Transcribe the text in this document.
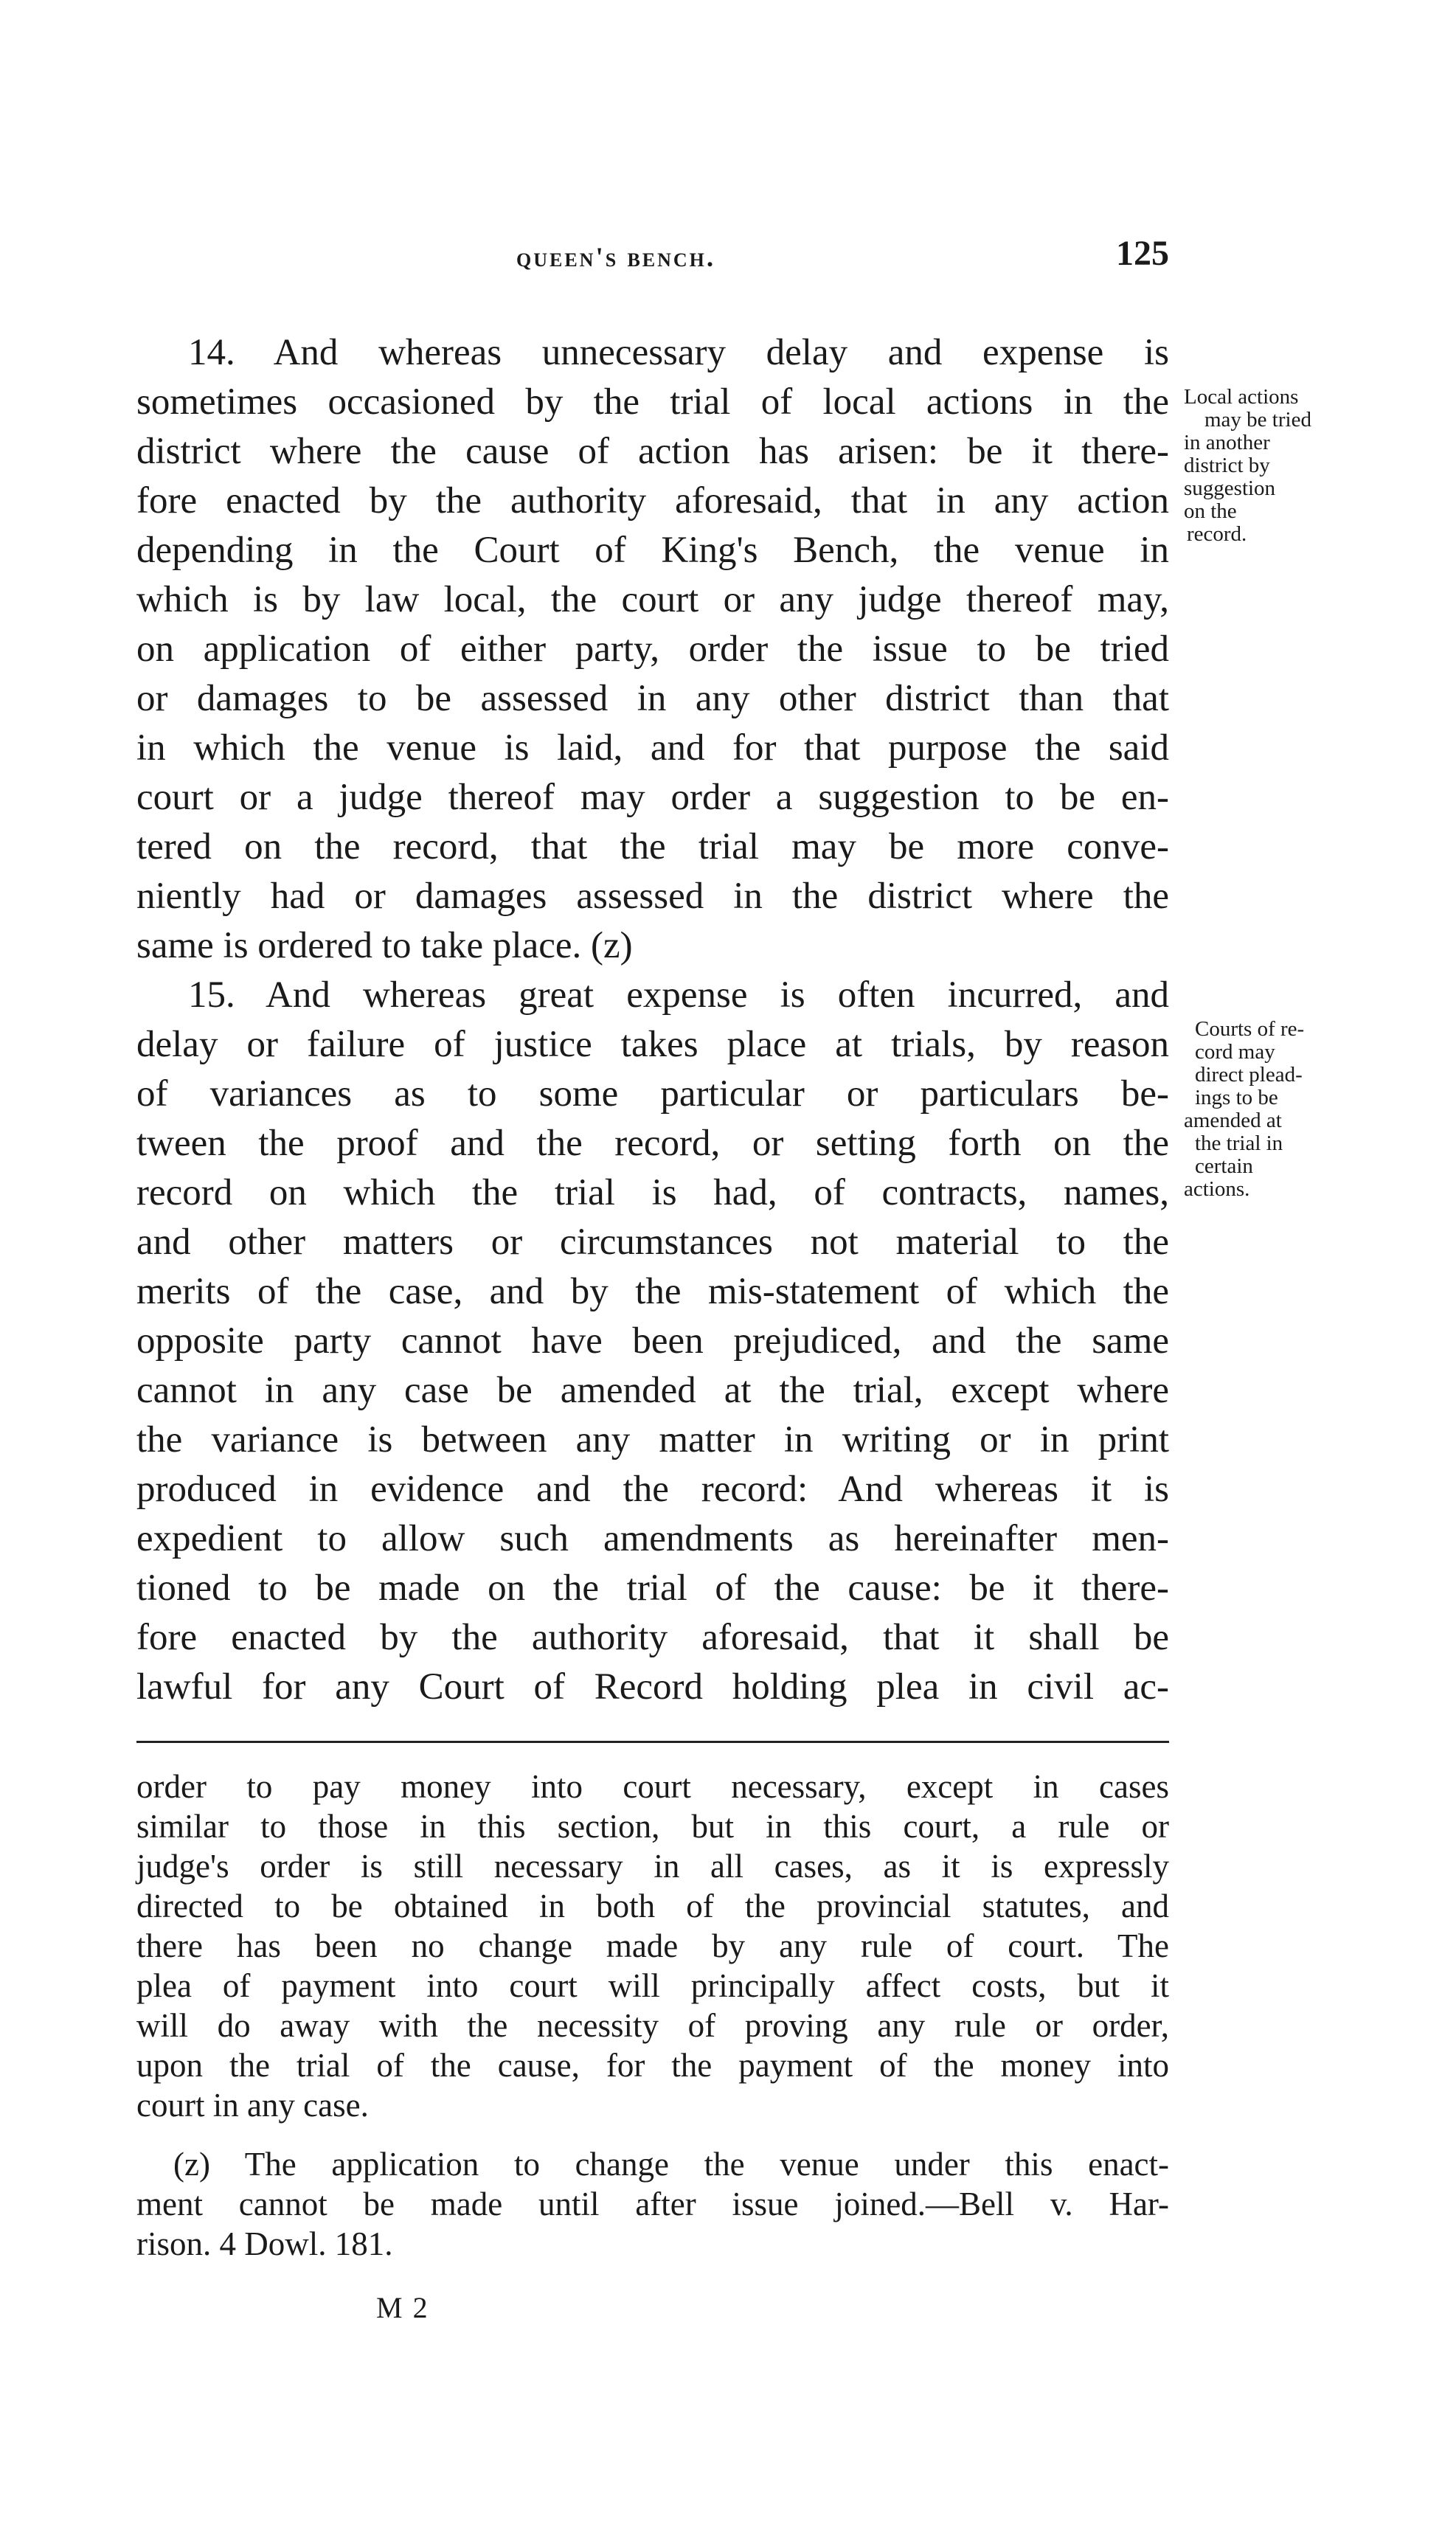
queen's bench.	125
14. And whereas unnecessary delay and expense is
sometimes occasioned by the trial of local actions in the
district where the cause of action has arisen: be it there-
fore enacted by the authority aforesaid, that in any action
depending in the Court of King's Bench, the venue in
which is by law local, the court or any judge thereof may,
on application of either party, order the issue to be tried
or damages to be assessed in any other district than that
in which the venue is laid, and for that purpose the said
court or a judge thereof may order a suggestion to be en-
tered on the record, that the trial may be more conve-
niently had or damages assessed in the district where the
same is ordered to take place. (z)
15. And whereas great expense is often incurred, and
delay or failure of justice takes place at trials, by reason
of variances as to some particular or particulars be-
tween the proof and the record, or setting forth on the
record on which the trial is had, of contracts, names,
and other matters or circumstances not material to the
merits of the case, and by the mis-statement of which the
opposite party cannot have been prejudiced, and the same
cannot in any case be amended at the trial, except where
the variance is between any matter in writing or in print
produced in evidence and the record: And whereas it is
expedient to allow such amendments as hereinafter men-
tioned to be made on the trial of the cause: be it there-
fore enacted by the authority aforesaid, that it shall be
lawful for any Court of Record holding plea in civil ac-
Local actions
may be tried
in another
district by
suggestion
on the
record.
Courts of re-
cord may
direct plead-
ings to be
amended at
the trial in
certain
actions.
order to pay money into court necessary, except in cases
similar to those in this section, but in this court, a rule or
judge's order is still necessary in all cases, as it is expressly
directed to be obtained in both of the provincial statutes, and
there has been no change made by any rule of court. The
plea of payment into court will principally affect costs, but it
will do away with the necessity of proving any rule or order,
upon the trial of the cause, for the payment of the money into
court in any case.
(z) The application to change the venue under this enact-
ment cannot be made until after issue joined.—Bell v. Har-
rison. 4 Dowl. 181.
M 2
